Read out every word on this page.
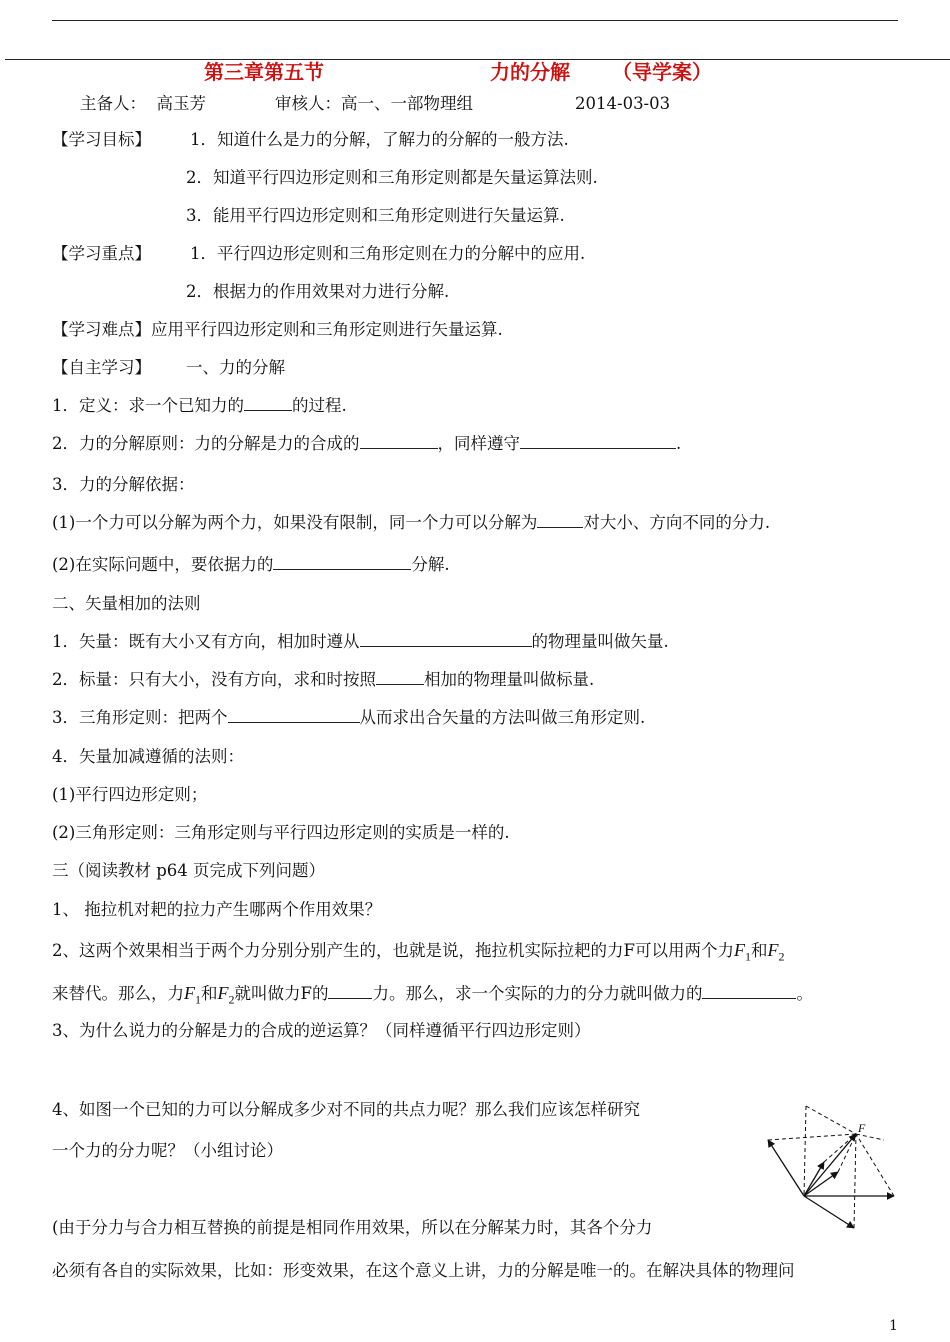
第三章第五节	力的分解 （导学案）
主备人：  高玉芳	审核人：高一、一部物理组	2014-03-03
【学习目标】 1．知道什么是力的分解，了解力的分解的一般方法.
2．知道平行四边形定则和三角形定则都是矢量运算法则.
3．能用平行四边形定则和三角形定则进行矢量运算.
【学习重点】 1．平行四边形定则和三角形定则在力的分解中的应用.
2．根据力的作用效果对力进行分解.
【学习难点】应用平行四边形定则和三角形定则进行矢量运算.
【自主学习】 一、力的分解
1．定义：求一个已知力的	的过程.
2．力的分解原则：力的分解是力的合成的	，同样遵守	.
3．力的分解依据：
(1)一个力可以分解为两个力，如果没有限制，同一个力可以分解为	对大小、方向不同的分力.
(2)在实际问题中，要依据力的	分解.
二、矢量相加的法则
1．矢量：既有大小又有方向，相加时遵从	的物理量叫做矢量.
2．标量：只有大小，没有方向，求和时按照	相加的物理量叫做标量.
3．三角形定则：把两个	从而求出合矢量的方法叫做三角形定则.
4．矢量加减遵循的法则：
(1)平行四边形定则；
(2)三角形定则：三角形定则与平行四边形定则的实质是一样的.
三（阅读教材 p64 页完成下列问题）
1、 拖拉机对耙的拉力产生哪两个作用效果？
2、这两个效果相当于两个力分别分别产生的，也就是说，拖拉机实际拉耙的力F可以用两个力$F_1$和$F_2$
来替代。那么，力$F_1$和$F_2$就叫做力F的	力。那么，求一个实际的力的分力就叫做力的	。
3、为什么说力的分解是力的合成的逆运算？（同样遵循平行四边形定则）
4、如图一个已知的力可以分解成多少对不同的共点力呢？那么我们应该怎样研究
一个力的分力呢？（小组讨论）
(由于分力与合力相互替换的前提是相同作用效果，所以在分解某力时，其各个分力
必须有各自的实际效果，比如：形变效果，在这个意义上讲，力的分解是唯一的。在解决具体的物理问
F
1
